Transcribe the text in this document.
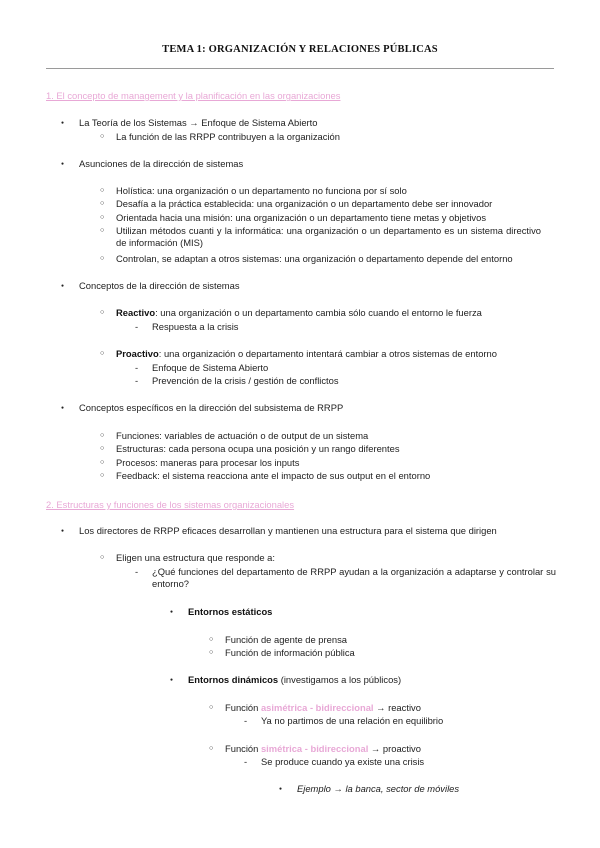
TEMA 1: ORGANIZACIÓN Y RELACIONES PÚBLICAS
1. El concepto de management y la planificación en las organizaciones
● La Teoría de los Sistemas → Enfoque de Sistema Abierto
○ La función de las RRPP contribuyen a la organización
● Asunciones de la dirección de sistemas
○ Holística: una organización o un departamento no funciona por sí solo
○ Desafía a la práctica establecida: una organización o un departamento debe ser innovador
○ Orientada hacia una misión: una organización o un departamento tiene metas y objetivos
○ Utilizan métodos cuanti y la informática: una organización o un departamento es un sistema directivo de información (MIS)
○ Controlan, se adaptan a otros sistemas: una organización o departamento depende del entorno
● Conceptos de la dirección de sistemas
○ Reactivo: una organización o un departamento cambia sólo cuando el entorno le fuerza
- Respuesta a la crisis
○ Proactivo: una organización o departamento intentará cambiar a otros sistemas de entorno
- Enfoque de Sistema Abierto
- Prevención de la crisis / gestión de conflictos
● Conceptos específicos en la dirección del subsistema de RRPP
○ Funciones: variables de actuación o de output de un sistema
○ Estructuras: cada persona ocupa una posición y un rango diferentes
○ Procesos: maneras para procesar los inputs
○ Feedback: el sistema reacciona ante el impacto de sus output en el entorno
2. Estructuras y funciones de los sistemas organizacionales
● Los directores de RRPP eficaces desarrollan y mantienen una estructura para el sistema que dirigen
○ Eligen una estructura que responde a:
- ¿Qué funciones del departamento de RRPP ayudan a la organización a adaptarse y controlar su entorno?
● Entornos estáticos
○ Función de agente de prensa
○ Función de información pública
● Entornos dinámicos (investigamos a los públicos)
○ Función asimétrica - bidireccional → reactivo
- Ya no partimos de una relación en equilibrio
○ Función simétrica - bidireccional → proactivo
- Se produce cuando ya existe una crisis
● Ejemplo → la banca, sector de móviles
